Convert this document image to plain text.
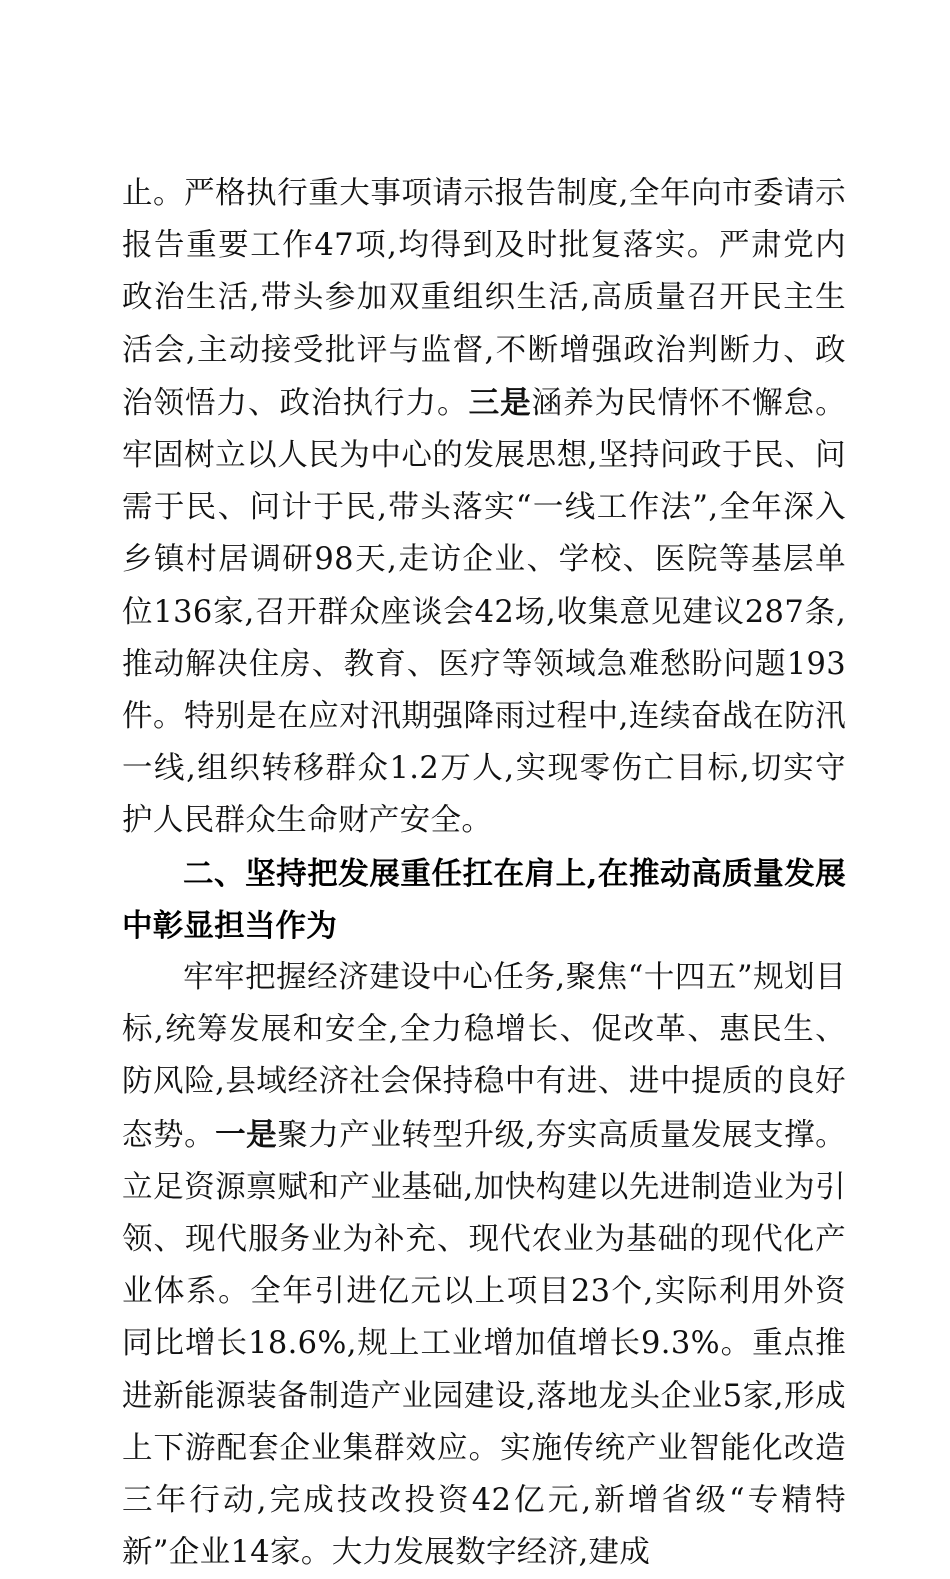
止。严格执行重大事项请示报告制度,全年向市委请示报告重要工作47项,均得到及时批复落实。严肃党内政治生活,带头参加双重组织生活,高质量召开民主生活会,主动接受批评与监督,不断增强政治判断力、政治领悟力、政治执行力。三是涵养为民情怀不懈怠。牢固树立以人民为中心的发展思想,坚持问政于民、问需于民、问计于民,带头落实“一线工作法”,全年深入乡镇村居调研98天,走访企业、学校、医院等基层单位136家,召开群众座谈会42场,收集意见建议287条,推动解决住房、教育、医疗等领域急难愁盼问题193件。特别是在应对汛期强降雨过程中,连续奋战在防汛一线,组织转移群众1.2万人,实现零伤亡目标,切实守护人民群众生命财产安全。

二、坚持把发展重任扛在肩上,在推动高质量发展中彰显担当作为

牢牢把握经济建设中心任务,聚焦“十四五”规划目标,统筹发展和安全,全力稳增长、促改革、惠民生、防风险,县域经济社会保持稳中有进、进中提质的良好态势。一是聚力产业转型升级,夯实高质量发展支撑。立足资源禀赋和产业基础,加快构建以先进制造业为引领、现代服务业为补充、现代农业为基础的现代化产业体系。全年引进亿元以上项目23个,实际利用外资同比增长18.6%,规上工业增加值增长9.3%。重点推进新能源装备制造产业园建设,落地龙头企业5家,形成上下游配套企业集群效应。实施传统产业智能化改造三年行动,完成技改投资42亿元,新增省级“专精特新”企业14家。大力发展数字经济,建成
